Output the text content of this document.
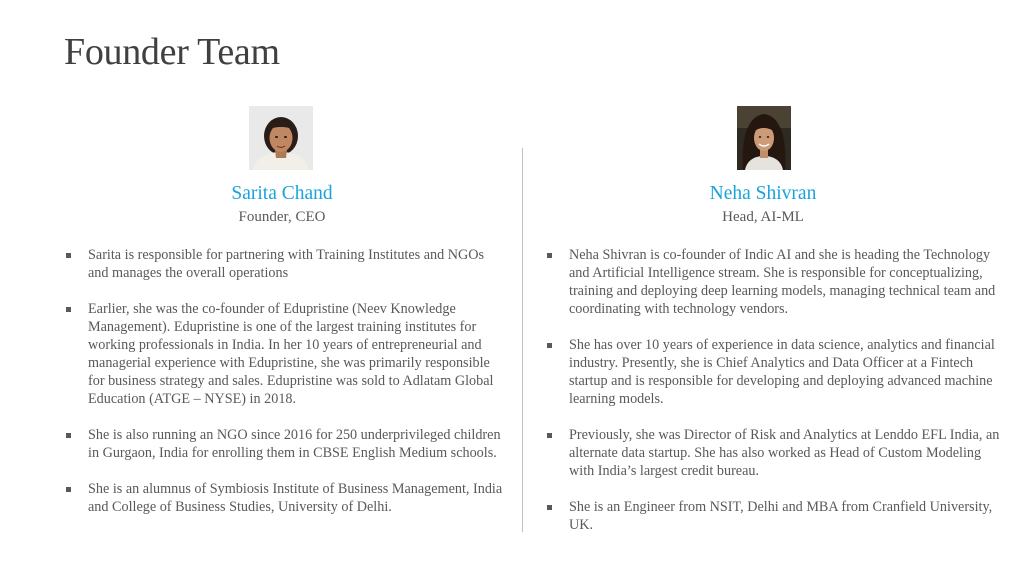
Founder Team
Sarita Chand
Founder, CEO
Sarita is responsible for partnering with Training Institutes and NGOs and manages the overall operations
Earlier, she was the co-founder of Edupristine (Neev Knowledge Management). Edupristine is one of the largest training institutes for working professionals in India. In her 10 years of entrepreneurial and managerial experience with Edupristine, she was primarily responsible for business strategy and sales. Edupristine was sold to Adlatam Global Education (ATGE – NYSE) in 2018.
She is also running an NGO since 2016 for 250 underprivileged children in Gurgaon, India for enrolling them in CBSE English Medium schools.
She is an alumnus of Symbiosis Institute of Business Management, India and College of Business Studies, University of Delhi.
Neha Shivran
Head, AI-ML
Neha Shivran is co-founder of Indic AI and she is heading the Technology and Artificial Intelligence stream. She is responsible for conceptualizing, training and deploying deep learning models, managing technical team and coordinating with technology vendors.
She has over 10 years of experience in data science, analytics and financial industry. Presently, she is Chief Analytics and Data Officer at a Fintech startup and is responsible for developing and deploying advanced machine learning models.
Previously, she was Director of Risk and Analytics at Lenddo EFL India, an alternate data startup. She has also worked as Head of Custom Modeling with India’s largest credit bureau.
She is an Engineer from NSIT, Delhi and MBA from Cranfield University, UK.
